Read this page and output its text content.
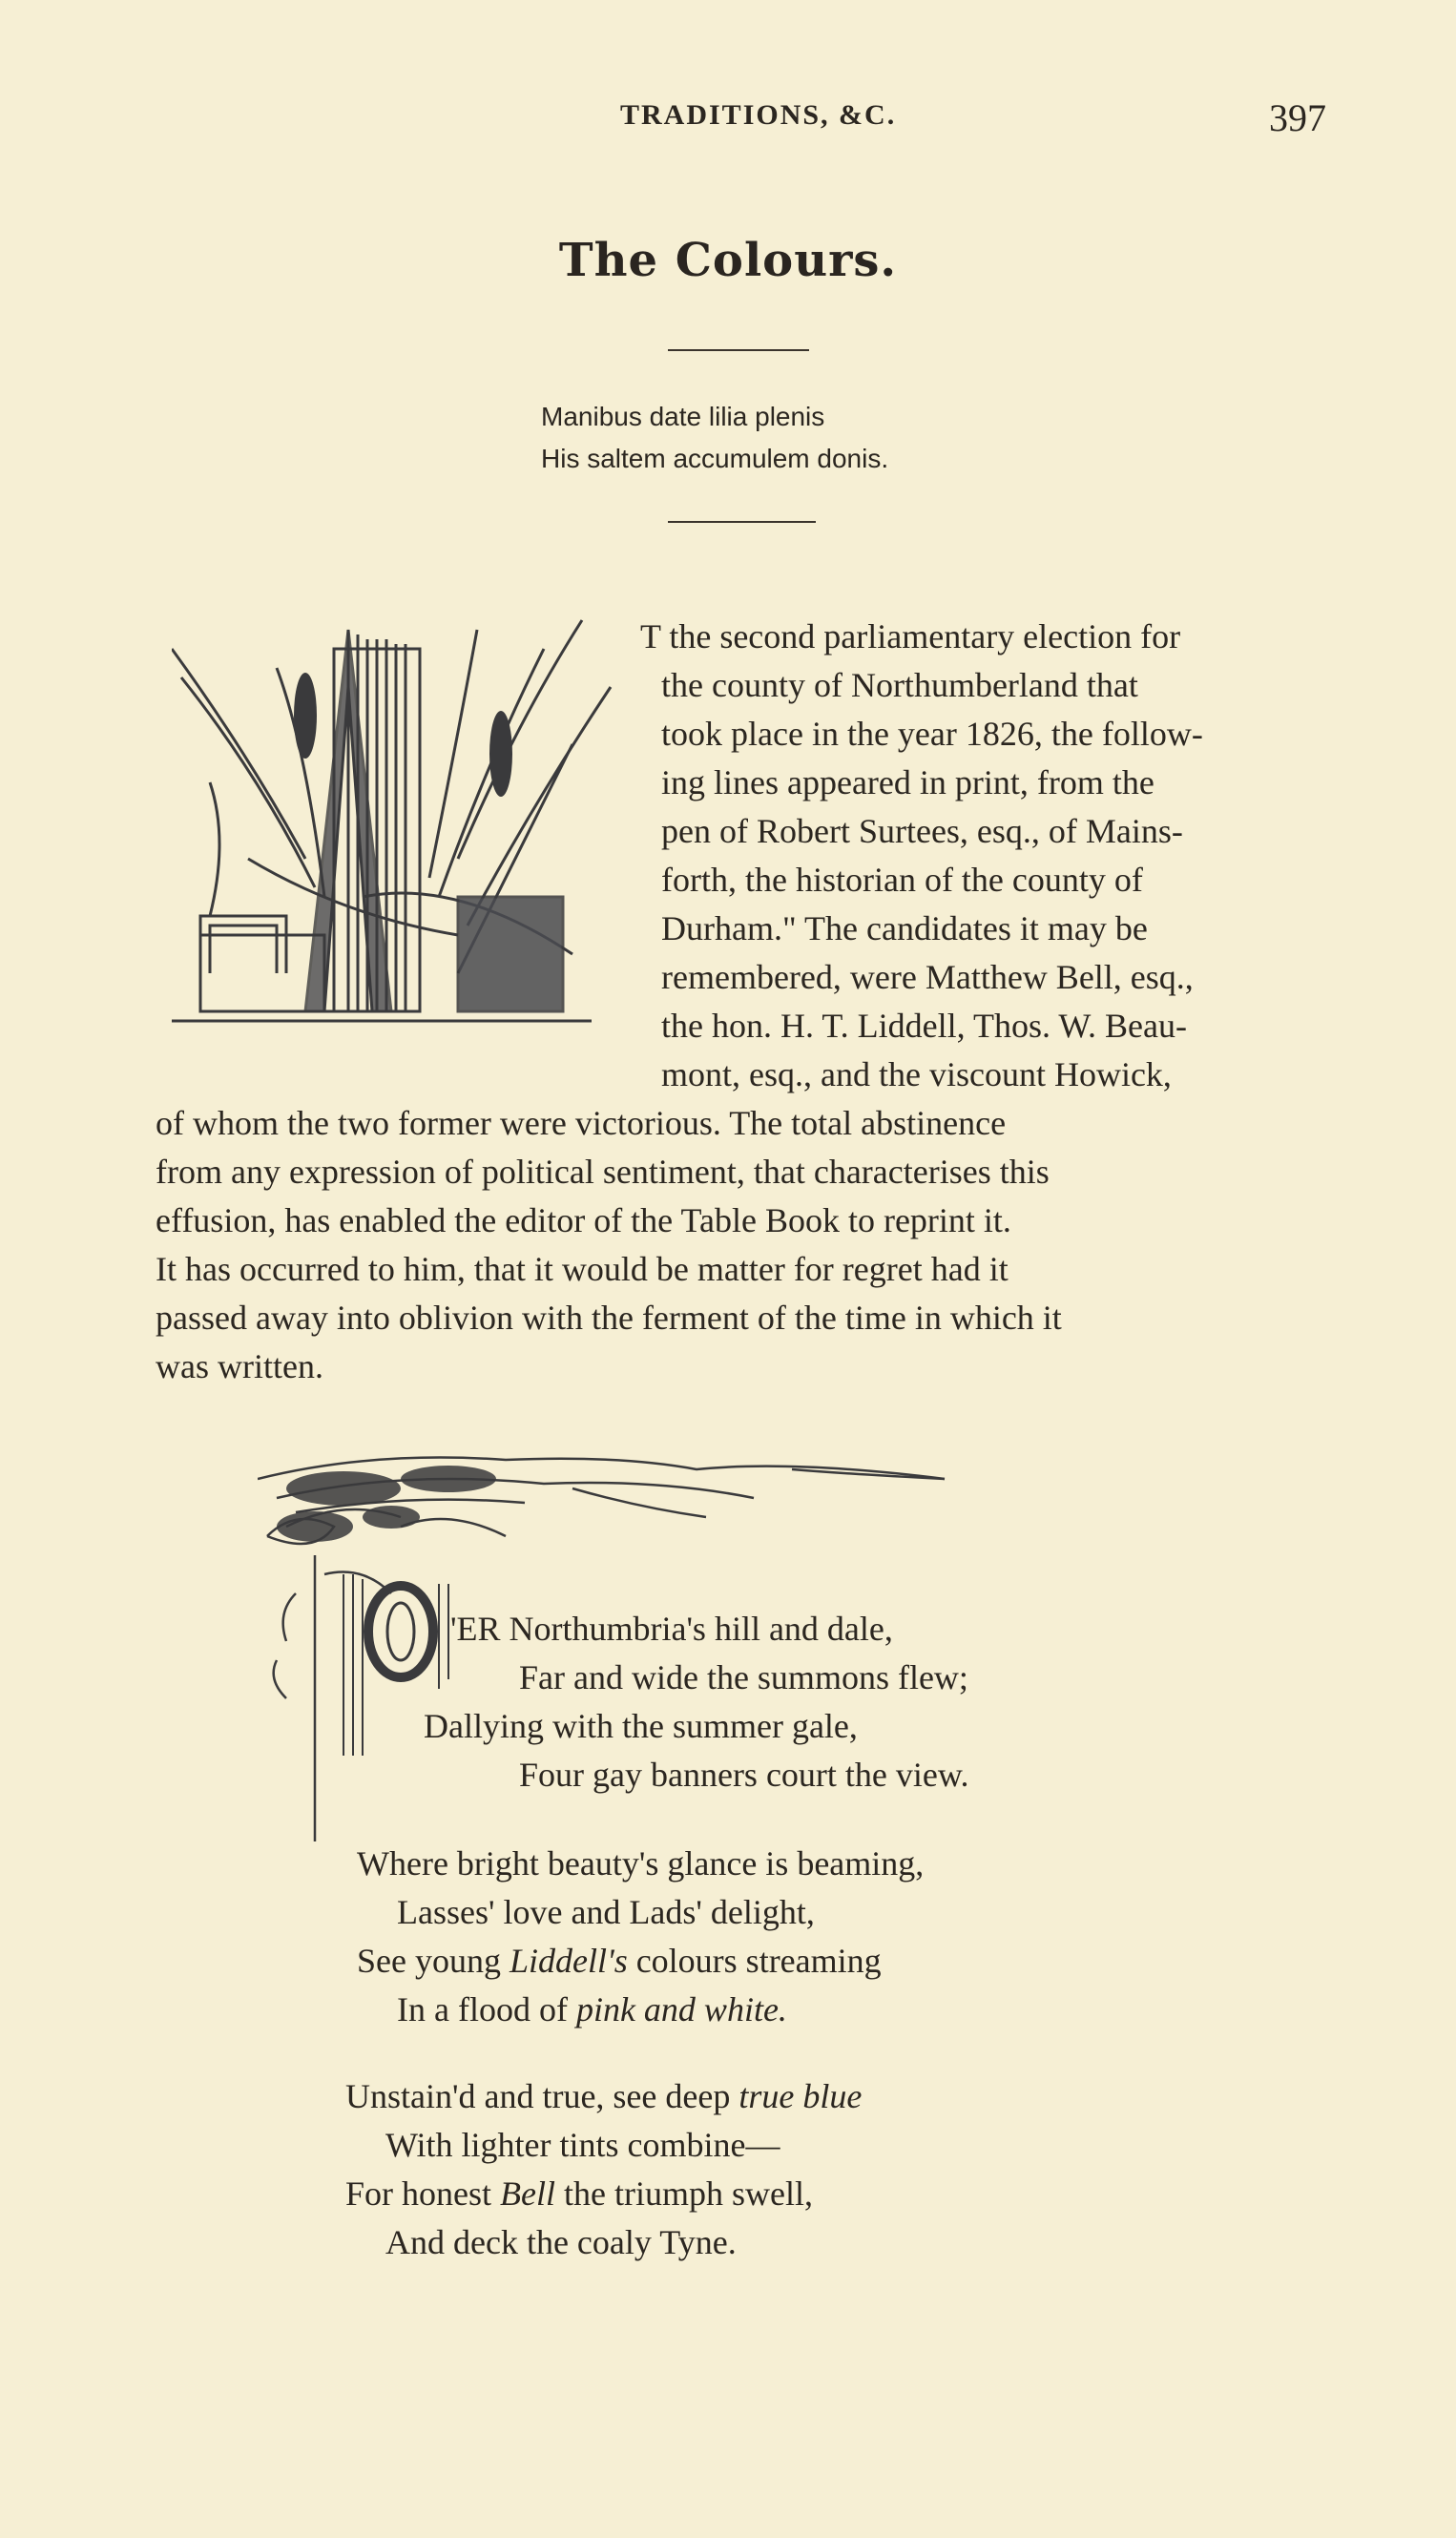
TRADITIONS, &C.	397
The Colours.
Manibus date lilia plenis
His saltem accumulem donis.
T the second parliamentary election for
the county of Northumberland that
took place in the year 1826, the follow-
ing lines appeared in print, from the
pen of Robert Surtees, esq., of Mains-
forth, the historian of the county of
Durham." The candidates it may be
remembered, were Matthew Bell, esq.,
the hon. H. T. Liddell, Thos. W. Beau-
mont, esq., and the viscount Howick,
of whom the two former were victorious. The total abstinence
from any expression of political sentiment, that characterises this
effusion, has enabled the editor of the Table Book to reprint it.
It has occurred to him, that it would be matter for regret had it
passed away into oblivion with the ferment of the time in which it
was written.
'ER Northumbria's hill and dale,
Far and wide the summons flew;
Dallying with the summer gale,
Four gay banners court the view.
Where bright beauty's glance is beaming,
Lasses' love and Lads' delight,
See young Liddell's colours streaming
In a flood of pink and white.
Unstain'd and true, see deep true blue
With lighter tints combine—
For honest Bell the triumph swell,
And deck the coaly Tyne.
